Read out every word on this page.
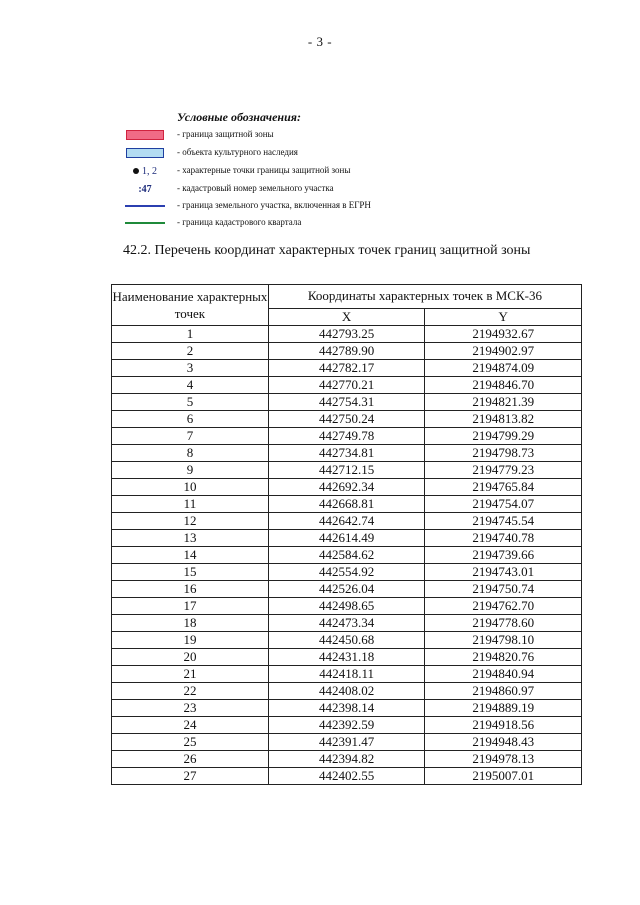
- 3 -
Условные обозначения:
- граница защитной зоны
- объекта культурного наследия
1, 2 - характерные точки границы защитной зоны
:47	- кадастровый номер земельного участка
- граница земельного участка, включенная в ЕГРН
- граница кадастрового квартала
42.2. Перечень координат характерных точек границ защитной зоны
Наименование характерных точек	Координаты характерных точек в МСК-36	
	X	Y
1	442793.25	2194932.67
2	442789.90	2194902.97
3	442782.17	2194874.09
4	442770.21	2194846.70
5	442754.31	2194821.39
6	442750.24	2194813.82
7	442749.78	2194799.29
8	442734.81	2194798.73
9	442712.15	2194779.23
10	442692.34	2194765.84
11	442668.81	2194754.07
12	442642.74	2194745.54
13	442614.49	2194740.78
14	442584.62	2194739.66
15	442554.92	2194743.01
16	442526.04	2194750.74
17	442498.65	2194762.70
18	442473.34	2194778.60
19	442450.68	2194798.10
20	442431.18	2194820.76
21	442418.11	2194840.94
22	442408.02	2194860.97
23	442398.14	2194889.19
24	442392.59	2194918.56
25	442391.47	2194948.43
26	442394.82	2194978.13
27	442402.55	2195007.01
